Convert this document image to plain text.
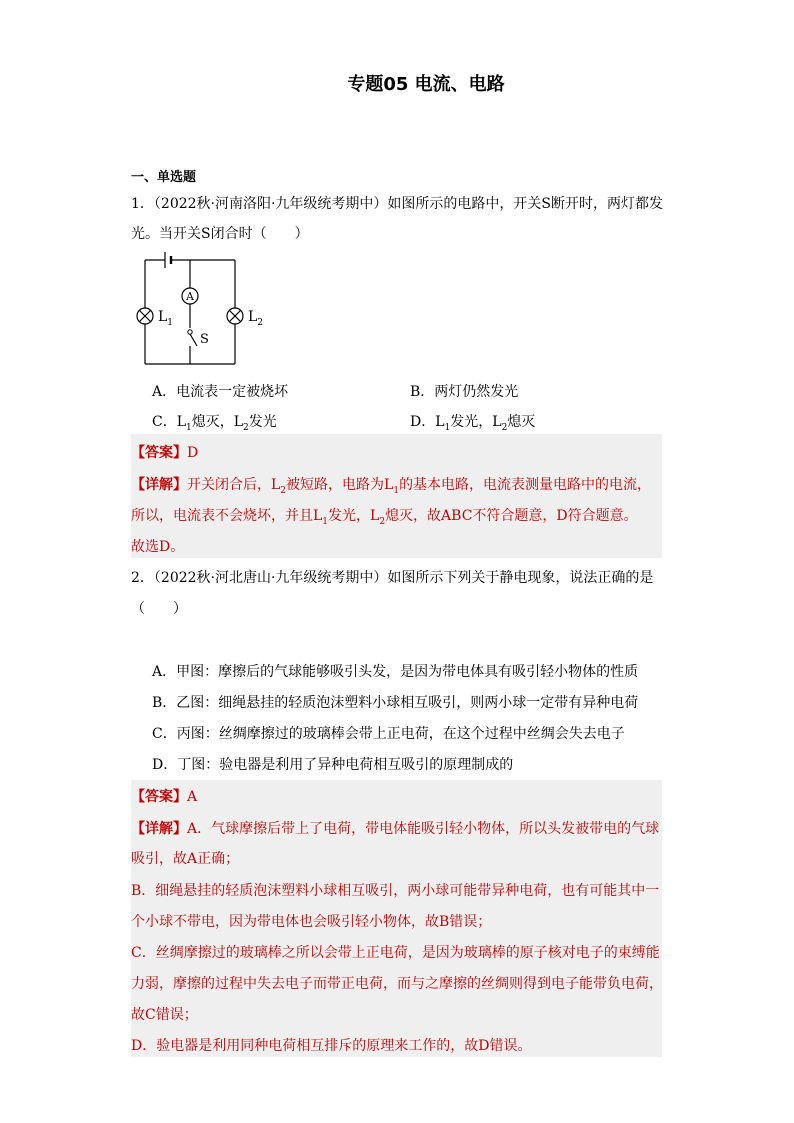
专题05 电流、电路
一、单选题
1．（2022秋·河南洛阳·九年级统考期中）如图所示的电路中，开关S断开时，两灯都发
光。当开关S闭合时（　　）
A
S
$L_1$	$L_2$
A．电流表一定被烧坏	B．两灯仍然发光
C．$L_1$熄灭，$L_2$发光	D．$L_1$发光，$L_2$熄灭
【答案】D
【详解】开关闭合后，$L_2$被短路，电路为$L_1$的基本电路，电流表测量电路中的电流，
所以，电流表不会烧坏，并且$L_1$发光，$L_2$熄灭，故ABC不符合题意，D符合题意。
故选D。
2．（2022秋·河北唐山·九年级统考期中）如图所示下列关于静电现象，说法正确的是
（　　）
A．甲图：摩擦后的气球能够吸引头发，是因为带电体具有吸引轻小物体的性质
B．乙图：细绳悬挂的轻质泡沫塑料小球相互吸引，则两小球一定带有异种电荷
C．丙图：丝绸摩擦过的玻璃棒会带上正电荷，在这个过程中丝绸会失去电子
D．丁图：验电器是利用了异种电荷相互吸引的原理制成的
【答案】A
【详解】A．气球摩擦后带上了电荷，带电体能吸引轻小物体，所以头发被带电的气球
吸引，故A正确；
B．细绳悬挂的轻质泡沫塑料小球相互吸引，两小球可能带异种电荷，也有可能其中一
个小球不带电，因为带电体也会吸引轻小物体，故B错误；
C．丝绸摩擦过的玻璃棒之所以会带上正电荷，是因为玻璃棒的原子核对电子的束缚能
力弱，摩擦的过程中失去电子而带正电荷，而与之摩擦的丝绸则得到电子能带负电荷，
故C错误；
D．验电器是利用同种电荷相互排斥的原理来工作的，故D错误。
